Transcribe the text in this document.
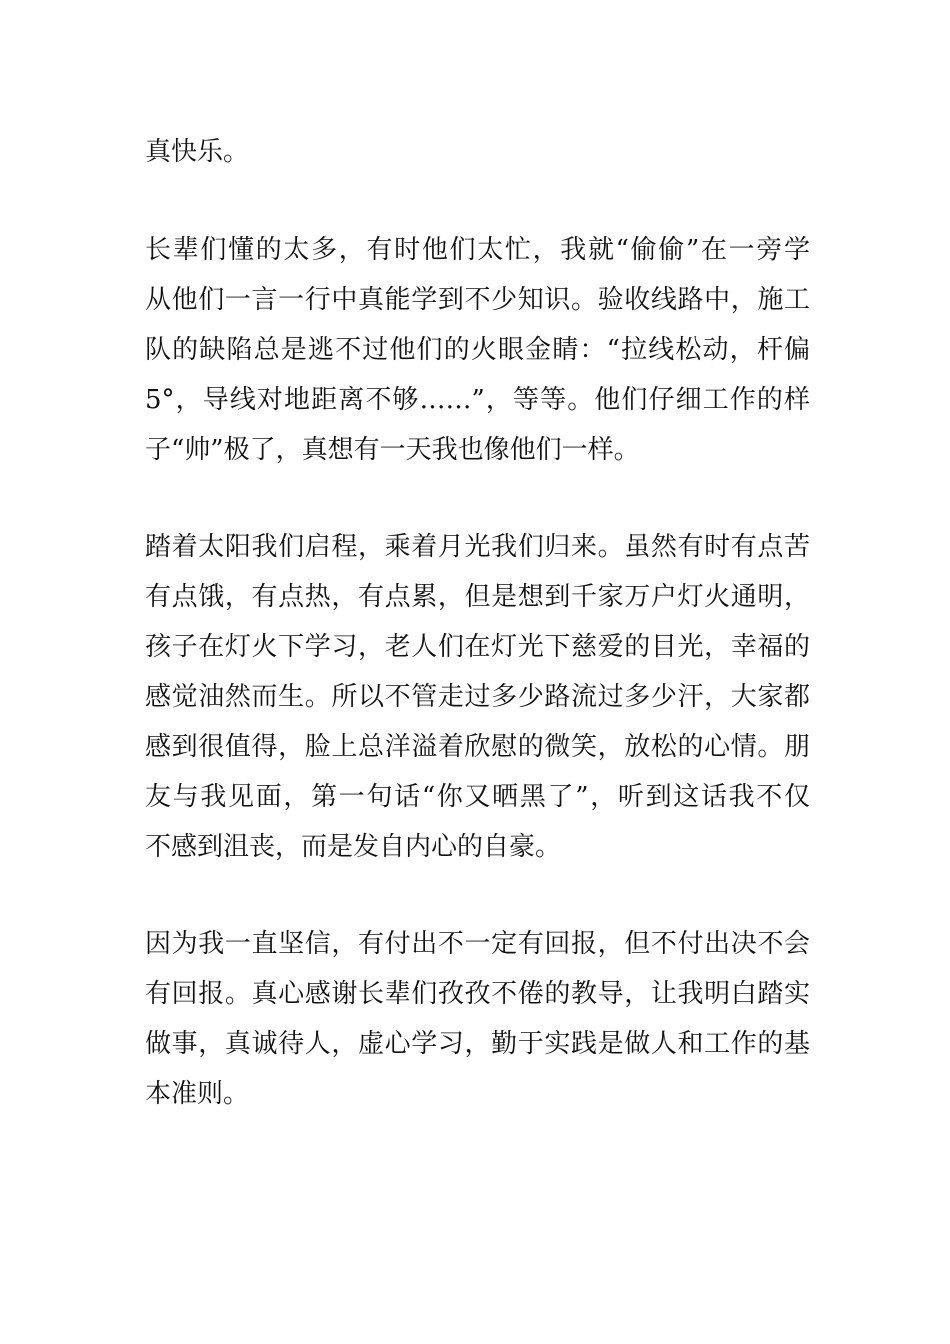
真快乐。
长辈们懂的太多，有时他们太忙，我就“偷偷”在一旁学
从他们一言一行中真能学到不少知识。验收线路中，施工
队的缺陷总是逃不过他们的火眼金睛：“拉线松动，杆偏
5°，导线对地距离不够……”，等等。他们仔细工作的样
子“帅”极了，真想有一天我也像他们一样。
踏着太阳我们启程，乘着月光我们归来。虽然有时有点苦
有点饿，有点热，有点累，但是想到千家万户灯火通明，
孩子在灯火下学习，老人们在灯光下慈爱的目光，幸福的
感觉油然而生。所以不管走过多少路流过多少汗，大家都
感到很值得，脸上总洋溢着欣慰的微笑，放松的心情。朋
友与我见面，第一句话“你又晒黑了”，听到这话我不仅
不感到沮丧，而是发自内心的自豪。
因为我一直坚信，有付出不一定有回报，但不付出决不会
有回报。真心感谢长辈们孜孜不倦的教导，让我明白踏实
做事，真诚待人，虚心学习，勤于实践是做人和工作的基
本准则。
